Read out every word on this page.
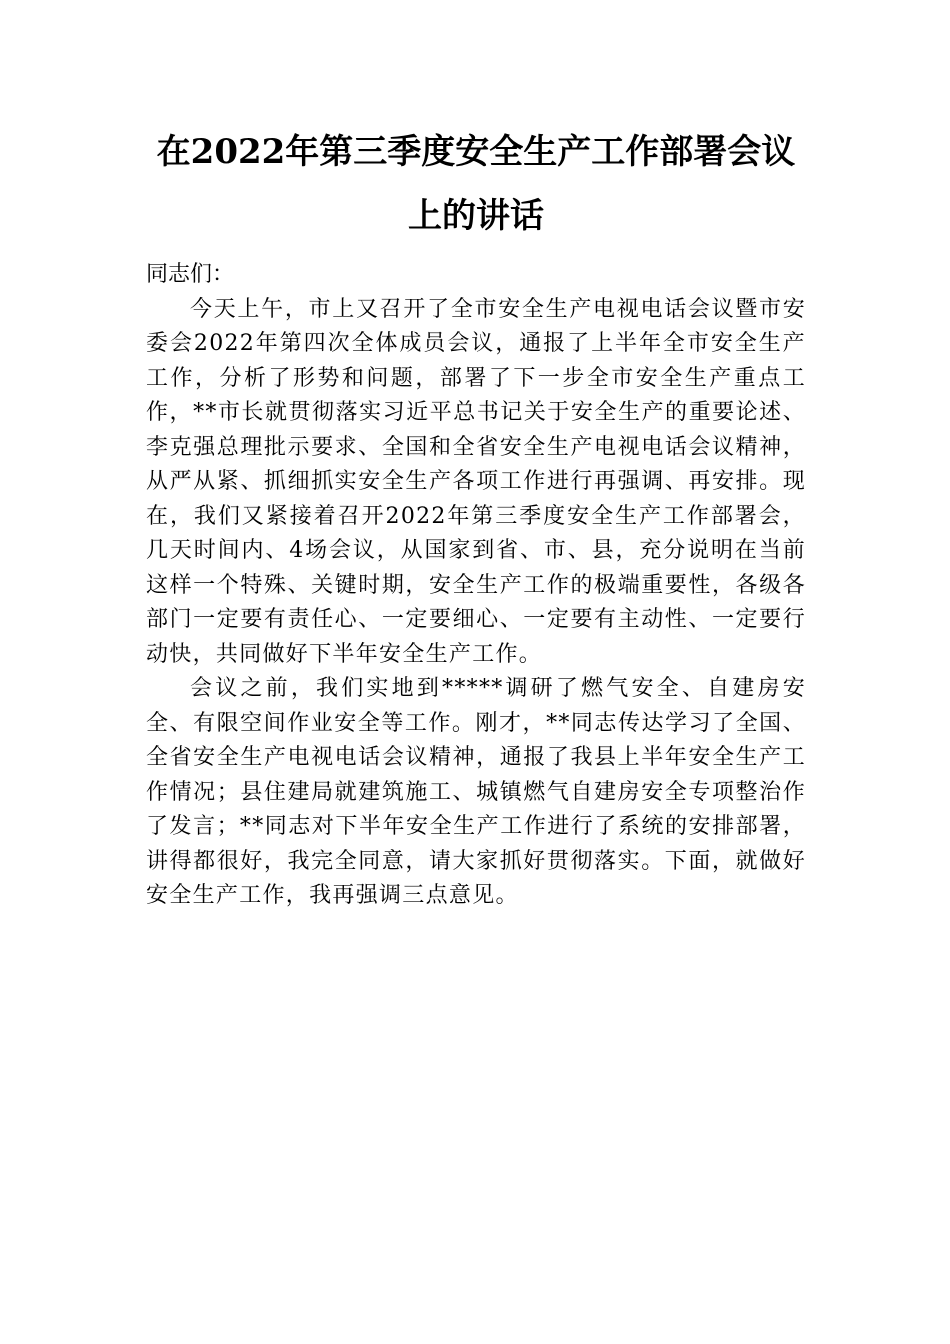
在2022年第三季度安全生产工作部署会议
上的讲话

同志们：

今天上午，市上又召开了全市安全生产电视电话会议暨市安委会2022年第四次全体成员会议，通报了上半年全市安全生产工作，分析了形势和问题，部署了下一步全市安全生产重点工作，**市长就贯彻落实习近平总书记关于安全生产的重要论述、李克强总理批示要求、全国和全省安全生产电视电话会议精神，从严从紧、抓细抓实安全生产各项工作进行再强调、再安排。现在，我们又紧接着召开2022年第三季度安全生产工作部署会，几天时间内、4场会议，从国家到省、市、县，充分说明在当前这样一个特殊、关键时期，安全生产工作的极端重要性，各级各部门一定要有责任心、一定要细心、一定要有主动性、一定要行动快，共同做好下半年安全生产工作。

会议之前，我们实地到*****调研了燃气安全、自建房安全、有限空间作业安全等工作。刚才，**同志传达学习了全国、全省安全生产电视电话会议精神，通报了我县上半年安全生产工作情况；县住建局就建筑施工、城镇燃气自建房安全专项整治作了发言；**同志对下半年安全生产工作进行了系统的安排部署，讲得都很好，我完全同意，请大家抓好贯彻落实。下面，就做好安全生产工作，我再强调三点意见。
